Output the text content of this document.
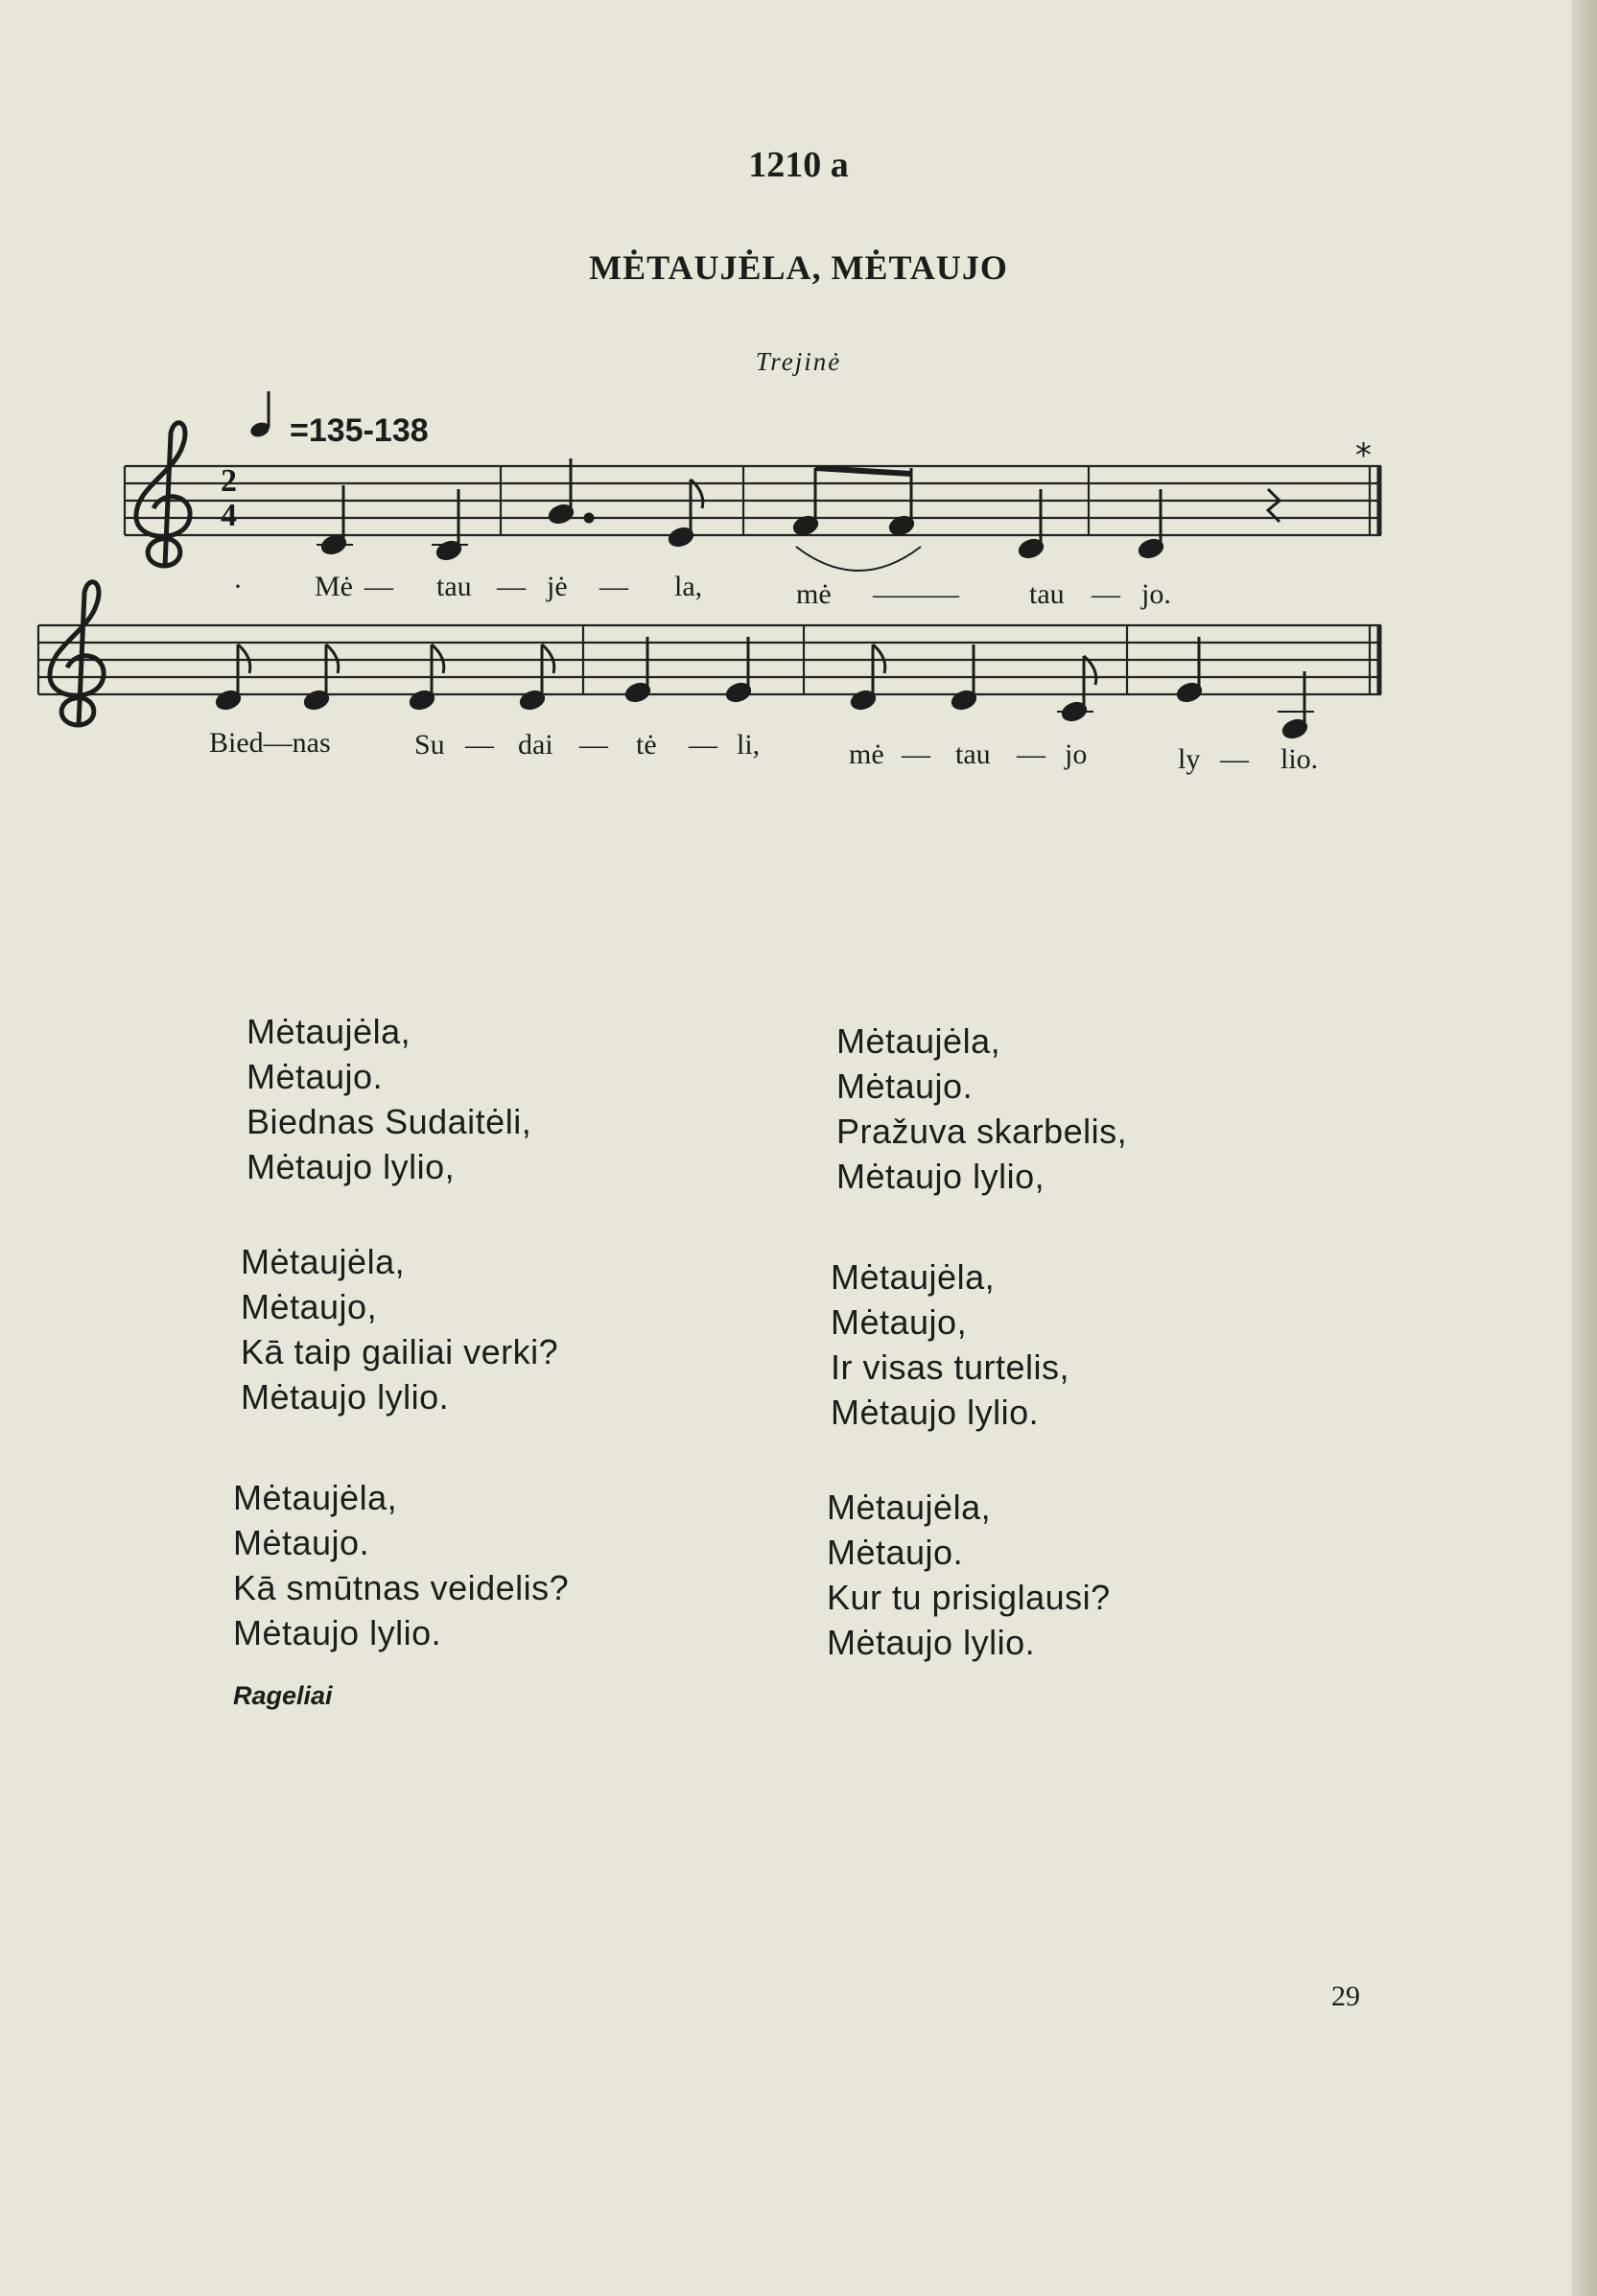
1210 a
MĖTAUJĖLA, MĖTAUJO
Trejinė
=135-138
*
2
4
·	Mė — tau — jė — la,	mė ——— tau — jo.
Bied—nas	Su — dai — tė — li,	mė — tau — jo	ly — lio.
Mėtaujėla,
Mėtaujo.
Biednas Sudaitėli,
Mėtaujo lylio,
Mėtaujėla,
Mėtaujo,
Kā taip gailiai verki?
Mėtaujo lylio.
Mėtaujėla,
Mėtaujo.
Kā smūtnas veidelis?
Mėtaujo lylio.
Mėtaujėla,
Mėtaujo.
Pražuva skarbelis,
Mėtaujo lylio,
Mėtaujėla,
Mėtaujo,
Ir visas turtelis,
Mėtaujo lylio.
Mėtaujėla,
Mėtaujo.
Kur tu prisiglausi?
Mėtaujo lylio.
Rageliai
29
